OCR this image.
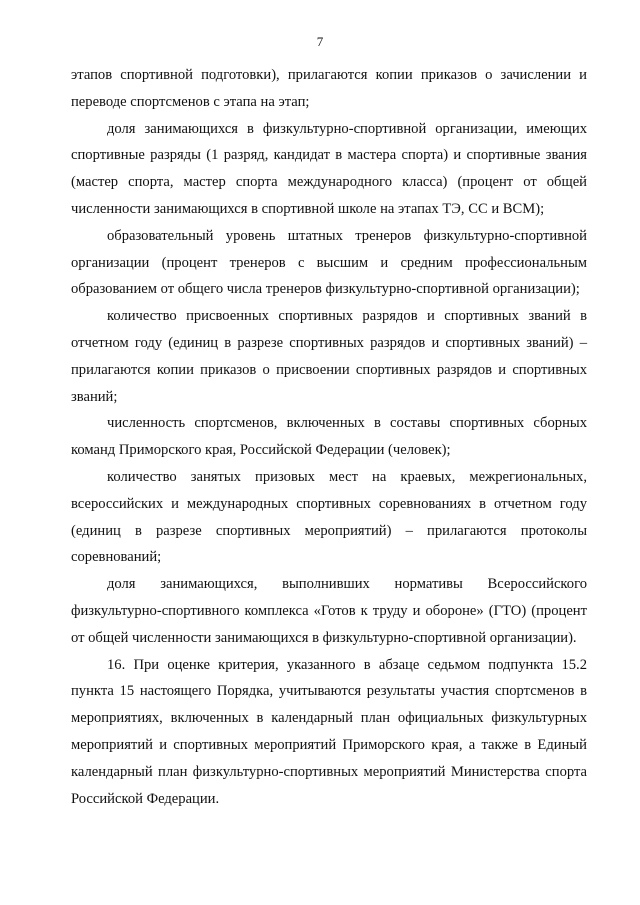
7

этапов спортивной подготовки), прилагаются копии приказов о зачислении и переводе спортсменов с этапа на этап;

доля занимающихся в физкультурно-спортивной организации, имеющих спортивные разряды (1 разряд, кандидат в мастера спорта) и спортивные звания (мастер спорта, мастер спорта международного класса) (процент от общей численности занимающихся в спортивной школе на этапах ТЭ, СС и ВСМ);

образовательный уровень штатных тренеров физкультурно-спортивной организации (процент тренеров с высшим и средним профессиональным образованием от общего числа тренеров физкультурно-спортивной организации);

количество присвоенных спортивных разрядов и спортивных званий в отчетном году (единиц в разрезе спортивных разрядов и спортивных званий) – прилагаются копии приказов о присвоении спортивных разрядов и спортивных званий;

численность спортсменов, включенных в составы спортивных сборных команд Приморского края, Российской Федерации (человек);

количество занятых призовых мест на краевых, межрегиональных, всероссийских и международных спортивных соревнованиях в отчетном году (единиц в разрезе спортивных мероприятий) – прилагаются протоколы соревнований;

доля занимающихся, выполнивших нормативы Всероссийского физкультурно-спортивного комплекса «Готов к труду и обороне» (ГТО) (процент от общей численности занимающихся в физкультурно-спортивной организации).

16. При оценке критерия, указанного в абзаце седьмом подпункта 15.2 пункта 15 настоящего Порядка, учитываются результаты участия спортсменов в мероприятиях, включенных в календарный план официальных физкультурных мероприятий и спортивных мероприятий Приморского края, а также в Единый календарный план физкультурно-спортивных мероприятий Министерства спорта Российской Федерации.
